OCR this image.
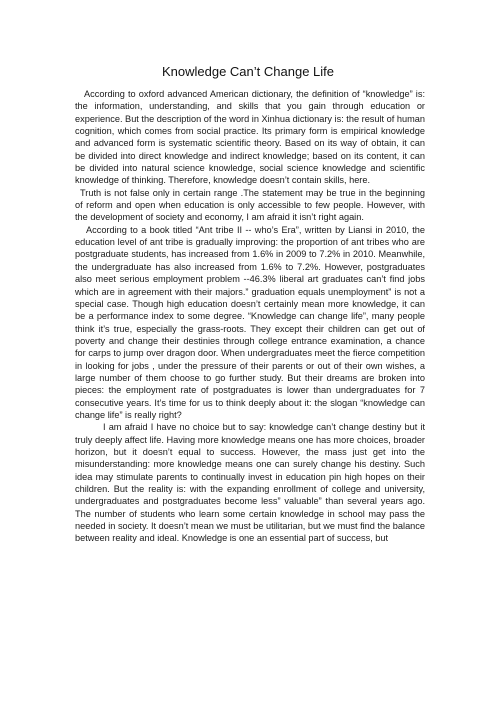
Knowledge Can’t Change Life

According to oxford advanced American dictionary, the definition of “knowledge” is: the information, understanding, and skills that you gain through education or experience. But the description of the word in Xinhua dictionary is: the result of human cognition, which comes from social practice. Its primary form is empirical knowledge and advanced form is systematic scientific theory. Based on its way of obtain, it can be divided into direct knowledge and indirect knowledge; based on its content, it can be divided into natural science knowledge, social science knowledge and scientific knowledge of thinking. Therefore, knowledge doesn’t contain skills, here.

Truth is not false only in certain range .The statement may be true in the beginning of reform and open when education is only accessible to few people. However, with the development of society and economy, I am afraid it isn’t right again.

According to a book titled “Ant tribe II -- who’s Era”, written by Liansi in 2010, the education level of ant tribe is gradually improving: the proportion of ant tribes who are postgraduate students, has increased from 1.6% in 2009 to 7.2% in 2010. Meanwhile, the undergraduate has also increased from 1.6% to 7.2%. However, postgraduates also meet serious employment problem --46.3% liberal art graduates can’t find jobs which are in agreement with their majors.” graduation equals unemployment” is not a special case. Though high education doesn’t certainly mean more knowledge, it can be a performance index to some degree. “Knowledge can change life”, many people think it’s true, especially the grass-roots. They except their children can get out of poverty and change their destinies through college entrance examination, a chance for carps to jump over dragon door. When undergraduates meet the fierce competition in looking for jobs , under the pressure of their parents or out of their own wishes, a large number of them choose to go further study. But their dreams are broken into pieces: the employment rate of postgraduates is lower than undergraduates for 7 consecutive years. It’s time for us to think deeply about it: the slogan “knowledge can change life” is really right?

I am afraid I have no choice but to say: knowledge can’t change destiny but it truly deeply affect life. Having more knowledge means one has more choices, broader horizon, but it doesn’t equal to success. However, the mass just get into the misunderstanding: more knowledge means one can surely change his destiny. Such idea may stimulate parents to continually invest in education pin high hopes on their children. But the reality is: with the expanding enrollment of college and university, undergraduates and postgraduates become less” valuable” than several years ago. The number of students who learn some certain knowledge in school may pass the needed in society. It doesn’t mean we must be utilitarian, but we must find the balance between reality and ideal. Knowledge is one an essential part of success, but
